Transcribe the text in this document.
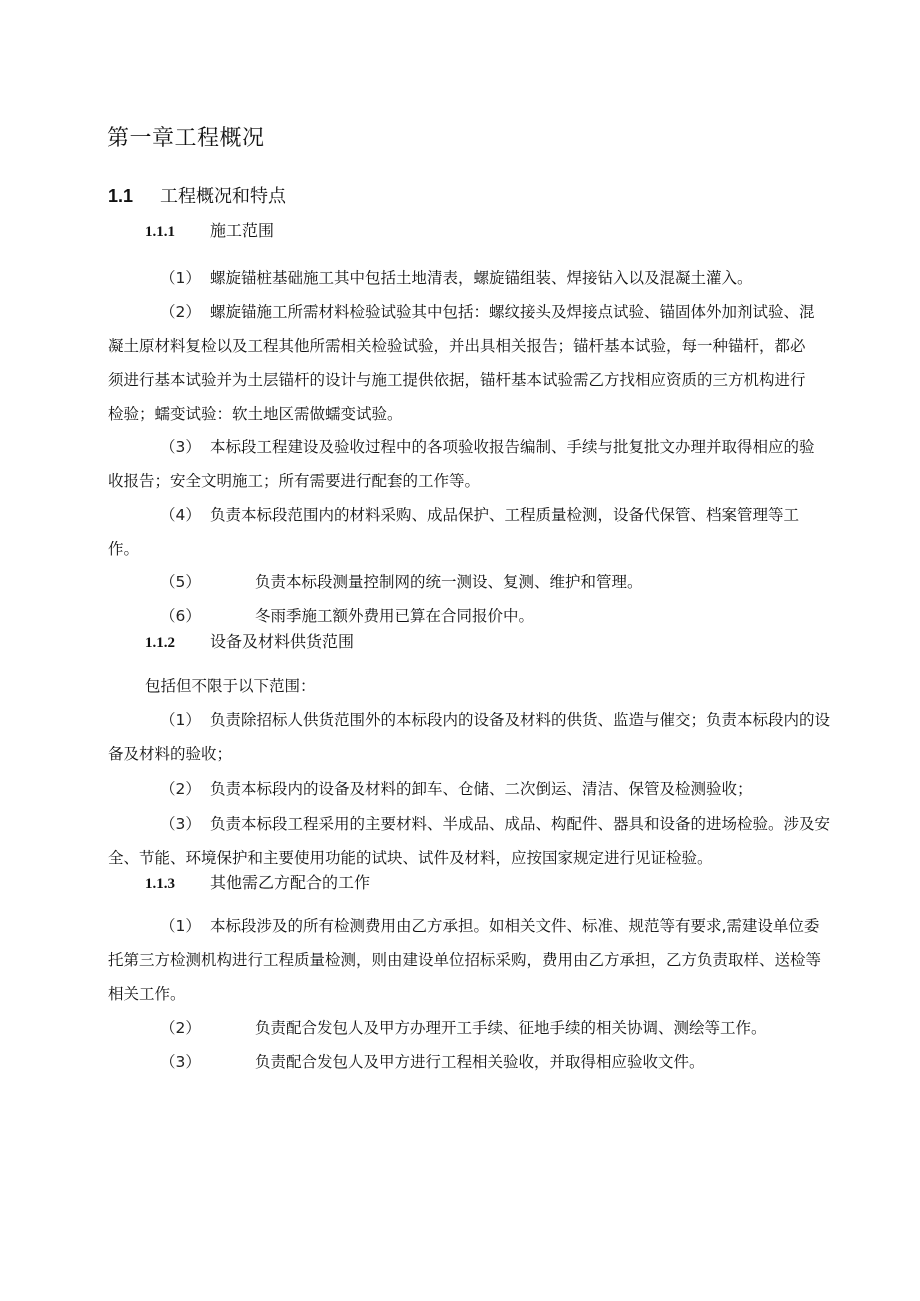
第一章工程概况
1.1 工程概况和特点
1.1.1 施工范围
（1） 螺旋锚桩基础施工其中包括土地清表，螺旋锚组装、焊接钻入以及混凝土灌入。
（2） 螺旋锚施工所需材料检验试验其中包括：螺纹接头及焊接点试验、锚固体外加剂试验、混
凝土原材料复检以及工程其他所需相关检验试验，并出具相关报告；锚杆基本试验，每一种锚杆，都必
须进行基本试验并为土层锚杆的设计与施工提供依据，锚杆基本试验需乙方找相应资质的三方机构进行
检验；蠕变试验：软土地区需做蠕变试验。
（3） 本标段工程建设及验收过程中的各项验收报告编制、手续与批复批文办理并取得相应的验
收报告；安全文明施工；所有需要进行配套的工作等。
（4） 负责本标段范围内的材料采购、成品保护、工程质量检测，设备代保管、档案管理等工
作。
（5）	负责本标段测量控制网的统一测设、复测、维护和管理。
（6）	冬雨季施工额外费用已算在合同报价中。
1.1.2 设备及材料供货范围
包括但不限于以下范围：
（1） 负责除招标人供货范围外的本标段内的设备及材料的供货、监造与催交；负责本标段内的设
备及材料的验收；
（2） 负责本标段内的设备及材料的卸车、仓储、二次倒运、清洁、保管及检测验收；
（3） 负责本标段工程采用的主要材料、半成品、成品、构配件、器具和设备的进场检验。涉及安
全、节能、环境保护和主要使用功能的试块、试件及材料，应按国家规定进行见证检验。
1.1.3 其他需乙方配合的工作
（1） 本标段涉及的所有检测费用由乙方承担。如相关文件、标准、规范等有要求,需建设单位委
托第三方检测机构进行工程质量检测，则由建设单位招标采购，费用由乙方承担，乙方负责取样、送检等
相关工作。
（2）	负责配合发包人及甲方办理开工手续、征地手续的相关协调、测绘等工作。
（3）	负责配合发包人及甲方进行工程相关验收，并取得相应验收文件。
